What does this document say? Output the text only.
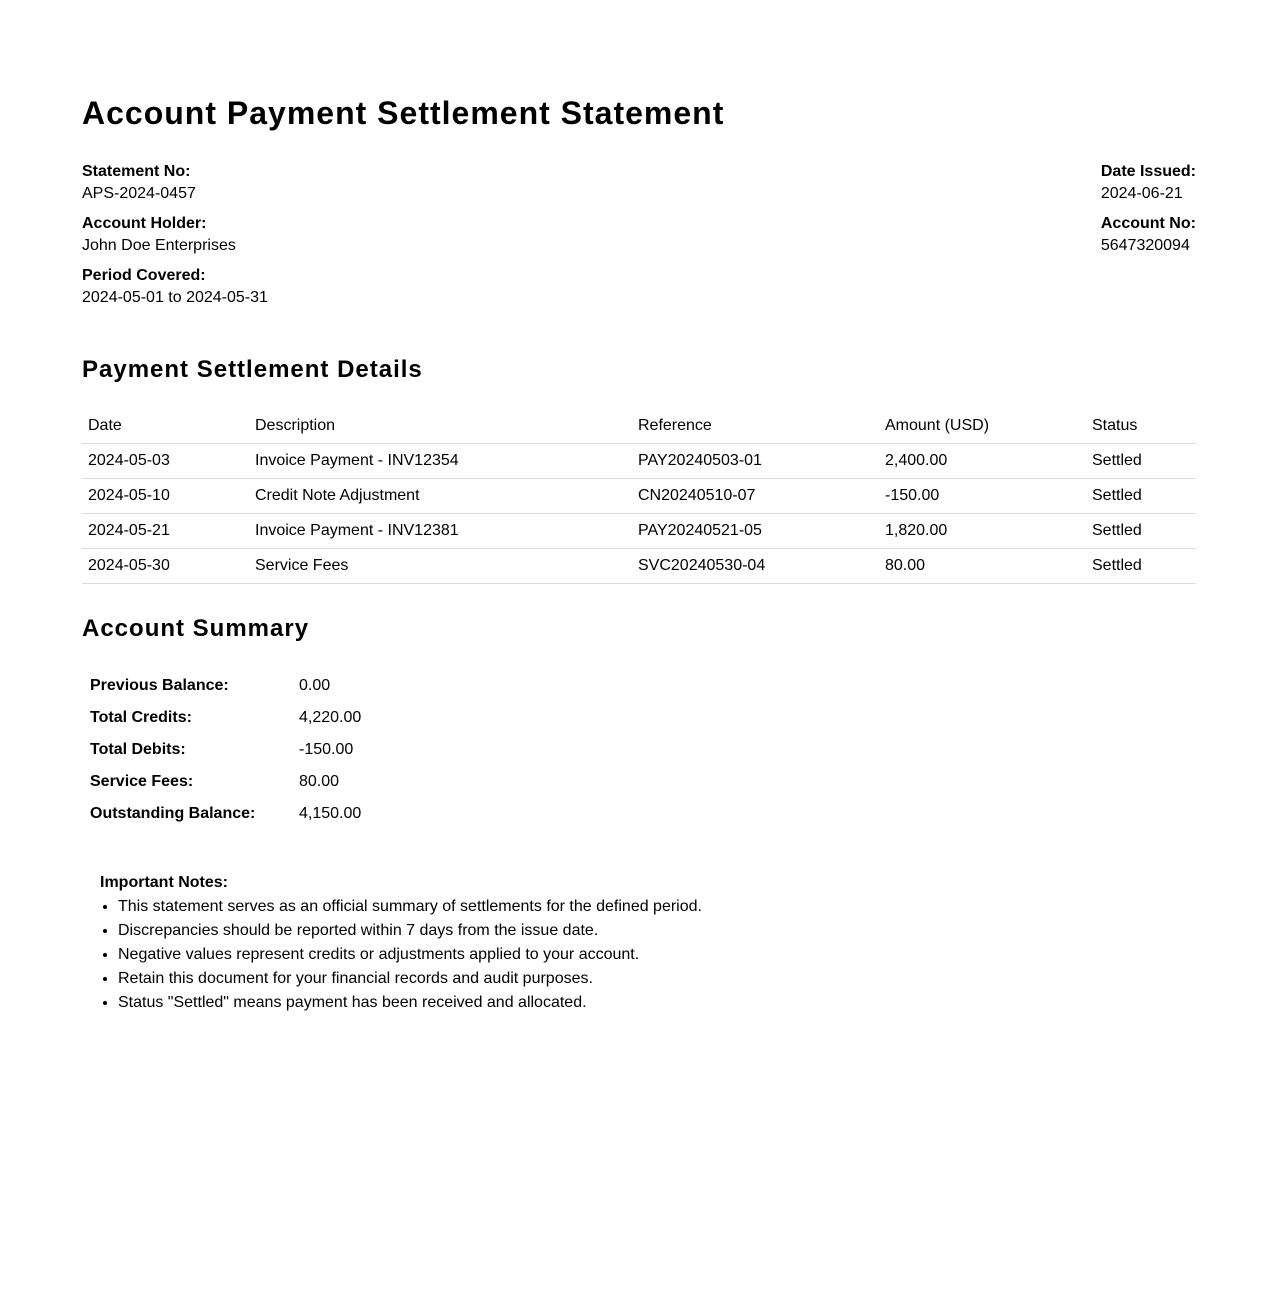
Account Payment Settlement Statement
Statement No:
APS-2024-0457
Account Holder:
John Doe Enterprises
Period Covered:
2024-05-01 to 2024-05-31
Date Issued:
2024-06-21
Account No:
5647320094
Payment Settlement Details
Date	Description	Reference	Amount (USD)	Status
2024-05-03	Invoice Payment - INV12354	PAY20240503-01	2,400.00	Settled
2024-05-10	Credit Note Adjustment	CN20240510-07	-150.00	Settled
2024-05-21	Invoice Payment - INV12381	PAY20240521-05	1,820.00	Settled
2024-05-30	Service Fees	SVC20240530-04	80.00	Settled
Account Summary
Previous Balance:	0.00
Total Credits:	4,220.00
Total Debits:	-150.00
Service Fees:	80.00
Outstanding Balance:	4,150.00
Important Notes:
• This statement serves as an official summary of settlements for the defined period.
• Discrepancies should be reported within 7 days from the issue date.
• Negative values represent credits or adjustments applied to your account.
• Retain this document for your financial records and audit purposes.
• Status "Settled" means payment has been received and allocated.
